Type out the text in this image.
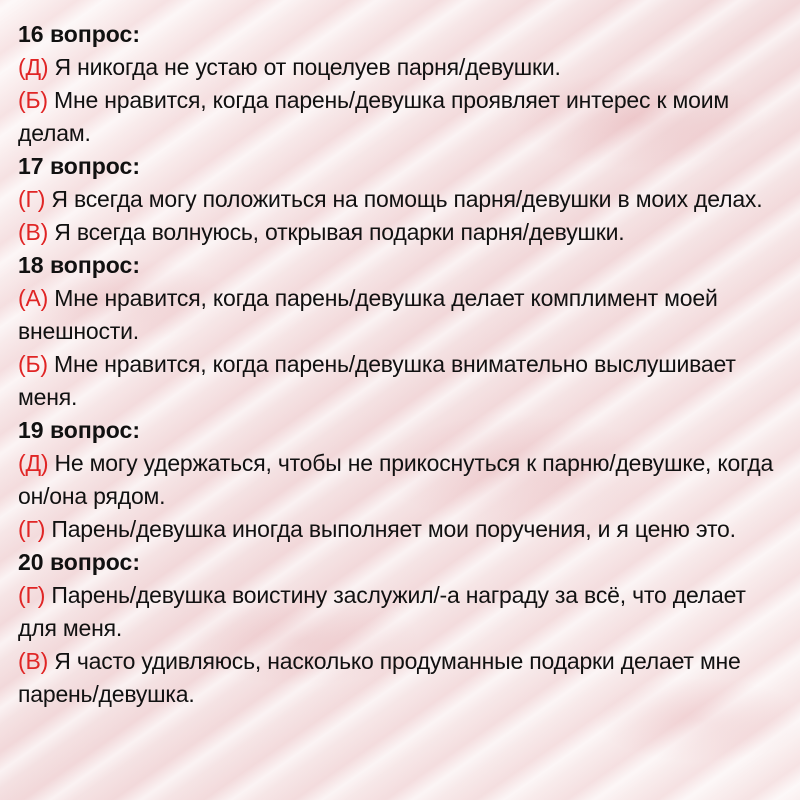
16 вопрос:

(Д) Я никогда не устаю от поцелуев парня/девушки.

(Б) Мне нравится, когда парень/девушка проявляет интерес к моим делам.

17 вопрос:

(Г) Я всегда могу положиться на помощь парня/девушки в моих делах.

(В) Я всегда волнуюсь, открывая подарки парня/девушки.

18 вопрос:

(А) Мне нравится, когда парень/девушка делает комплимент моей внешности.

(Б) Мне нравится, когда парень/девушка внимательно выслушивает меня.

19 вопрос:

(Д) Не могу удержаться, чтобы не прикоснуться к парню/девушке, когда он/она рядом.

(Г) Парень/девушка иногда выполняет мои поручения, и я ценю это.

20 вопрос:

(Г) Парень/девушка воистину заслужил/-а награду за всё, что делает для меня.

(В) Я часто удивляюсь, насколько продуманные подарки делает мне парень/девушка.
